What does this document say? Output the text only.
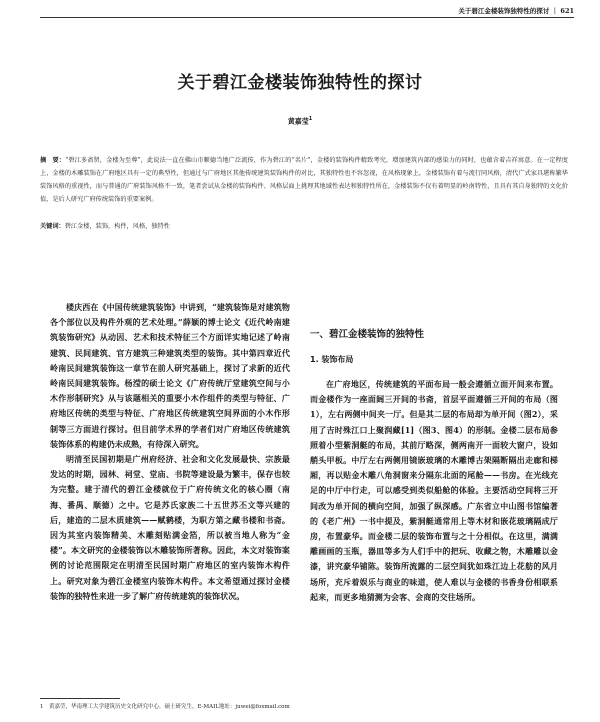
关于碧江金楼装饰独特性的探讨 ｜ 621
关于碧江金楼装饰独特性的探讨
黄嘉莹$^1$
摘　要：“碧江多斋贤，金楼为至尊”，此说法一直在佛山市顺德当地广泛流传，作为碧江的“名片”，金楼的装饰构件精致考究，增加建筑内部的感染力的同时，也蕴含着吉祥寓意。在一定程度上，金楼的木雕装饰在广府地区具有一定的典型性，但通过与广府地区其他传统建筑装饰构件的对比，其独特性也不容忽视，在风格现象上，金楼装饰有着与流行同风格，清代广式家具堪称繁华装饰风格的重视性，而与普通的广府装饰风格不一致，笔者尝试从金楼的装饰构件、风格层面上挑理其地域性表达和独特性所在，金楼装饰不仅有着明显的岭南特性，且具有其自身独特的文化价值，是后人研究广府传统装饰的重要案例。
关键词：碧江金楼，装饰，构件，风格，独特性

楼庆西在《中国传统建筑装饰》中讲到，“建筑装饰是对建筑物各个部位以及构件外观的艺术处理。”薛颖的博士论文《近代岭南建筑装饰研究》从动因、艺术和技术特征三个方面详实地记述了岭南建筑、民间建筑、官方建筑三种建筑类型的装饰。其中第四章近代岭南民间建筑装饰这一章节在前人研究基础上，探讨了求新的近代岭南民间建筑装饰。杨滢的硕士论文《广府传统厅堂建筑空间与小木作形制研究》从与该题相关的重要小木作组件的类型与特征、广府地区传统的类型与特征、广府地区传统建筑空间界面的小木作形制等三方面进行探讨。但目前学术界的学者们对广府地区传统建筑装饰体系的构建仍未成熟，有待深入研究。

明清至民国初期是广州府经济、社会和文化发展最快、宗族最发达的时期，园林、祠堂、堂庙、书院等建设最为繁丰，保存也较为完整。建于清代的碧江金楼就位于广府传统文化的核心圈（南海、番禺、顺德）之中。它是苏氏家族二十五世苏丕文等兴建的后，建造的二层木质建筑——赋鹤楼，为职方第之藏书楼和书斋。因为其室内装饰精美、木雕刻贴满金箔，所以被当地人称为“金楼”。本文研究的金楼装饰以木雕装饰所著称。因此，本文对装饰案例的讨论范围限定在明清至民国时期广府地区的室内装饰木构件上。研究对象为碧江金楼室内装饰木构件。本文希望通过探讨金楼装饰的独特性来进一步了解广府传统建筑的装饰状况。

一、碧江金楼装饰的独特性
1. 装饰布局

在广府地区，传统建筑的平面布局一般会遵循立面开间来布置。而金楼作为一座面阔三开间的书斋，首层平面遵循三开间的布局（图1），左右两侧中间夹一厅。但是其二层的布局却为单开间（图2），采用了吉时殊江口上聚润藏[1]（图3、图4）的形制。金楼二层布局参照着小型紫洞艇的布局，其前厅略深，侧两南开一面较大窗户，设如艄头甲板。中厅左右两侧用镜嵌玻璃的木雕博古架隔断隔出走廊和梯厢，再以贴金木雕八角洞窗来分隔东北面的尾舱——书房。在光线充足的中厅中行走，可以感受到类似船舱的体验。主要活动空间将三开间改为单开间的横向空间，加强了纵深感。广东省立中山图书馆编著的《老广州》一书中提及，紫洞艇通常用上等木材和嵌花玻璃隔成厅房，布置豪华。而金楼二层的装饰布置与之十分相似。在这里，满满雕画画的玉瓶，器皿等多为人们手中的把玩、收藏之物，木雕雕以金漆，讲究豪华铺陈。装饰所流露的二层空间犹如珠江边上花舫的风月场所，充斥着娱乐与商业的味道，使人难以与金楼的书香身份相联系起来，而更多地猜测为会客、会商的交往场所。

1　黄嘉莹，华南理工大学建筑历史文化研究中心，硕士研究生，E-MAIL地址：juwei@foxmail.com
